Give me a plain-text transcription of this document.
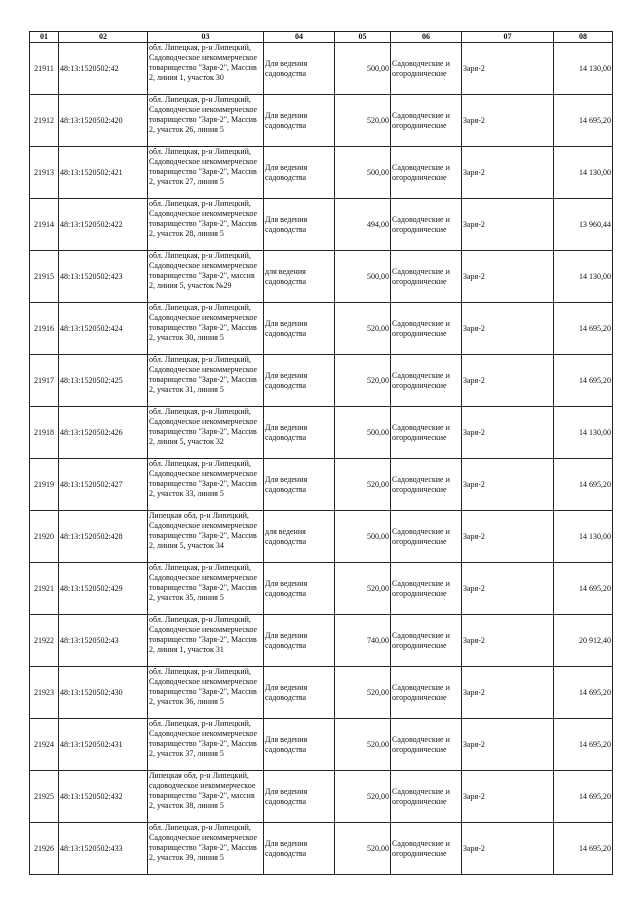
01	02	03	04	05	06	07	08
21911	48:13:1520502:42	обл. Липецкая, р-н Липецкий, Садоводческое некоммерческое товарищество "Заря-2", Массив 2, линия 1, участок 30	Для ведения садоводства	500,00	Садоводческие и огороднические	Заря-2	14 130,00
21912	48:13:1520502:420	обл. Липецкая, р-н Липецкий, Садоводческое некоммерческое товарищество "Заря-2", Массив 2, участок 26, линия 5	Для ведения садоводства	520,00	Садоводческие и огороднические	Заря-2	14 695,20
21913	48:13:1520502:421	обл. Липецкая, р-н Липецкий, Садоводческое некоммерческое товарищество "Заря-2", Массив 2, участок 27, линия 5	Для ведения садоводства	500,00	Садоводческие и огороднические	Заря-2	14 130,00
21914	48:13:1520502:422	обл. Липецкая, р-н Липецкий, Садоводческое некоммерческое товарищество "Заря-2", Массив 2, участок 28, линия 5	Для ведения садоводства	494,00	Садоводческие и огороднические	Заря-2	13 960,44
21915	48:13:1520502:423	обл. Липецкая, р-н Липецкий, Садоводческое некоммерческое товарищество "Заря-2", массив 2, линия 5, участок №29	для ведения садоводства	500,00	Садоводческие и огороднические	Заря-2	14 130,00
21916	48:13:1520502:424	обл. Липецкая, р-н Липецкий, Садоводческое некоммерческое товарищество "Заря-2", Массив 2, участок 30, линия 5	Для ведения садоводства	520,00	Садоводческие и огороднические	Заря-2	14 695,20
21917	48:13:1520502:425	обл. Липецкая, р-н Липецкий, Садоводческое некоммерческое товарищество "Заря-2", Массив 2, участок 31, линия 5	Для ведения садоводства	520,00	Садоводческие и огороднические	Заря-2	14 695,20
21918	48:13:1520502:426	обл. Липецкая, р-н Липецкий, Садоводческое некоммерческое товарищество "Заря-2", Массив 2, линия 5, участок 32	Для ведения садоводства	500,00	Садоводческие и огороднические	Заря-2	14 130,00
21919	48:13:1520502:427	обл. Липецкая, р-н Липецкий, Садоводческое некоммерческое товарищество "Заря-2", Массив 2, участок 33, линия 5	Для ведения садоводства	520,00	Садоводческие и огороднические	Заря-2	14 695,20
21920	48:13:1520502:428	Липецкая обл, р-н Липецкий, Садоводческое некоммерческое товарищество "Заря-2", Массив 2, линия 5, участок 34	для ведения садоводства	500,00	Садоводческие и огороднические	Заря-2	14 130,00
21921	48:13:1520502:429	обл. Липецкая, р-н Липецкий, Садоводческое некоммерческое товарищество "Заря-2", Массив 2, участок 35, линия 5	Для ведения садоводства	520,00	Садоводческие и огороднические	Заря-2	14 695,20
21922	48:13:1520502:43	обл. Липецкая, р-н Липецкий, Садоводческое некоммерческое товарищество "Заря-2", Массив 2, линия 1, участок 31	Для ведения садоводства	740,00	Садоводческие и огороднические	Заря-2	20 912,40
21923	48:13:1520502:430	обл. Липецкая, р-н Липецкий, Садоводческое некоммерческое товарищество "Заря-2", Массив 2, участок 36, линия 5	Для ведения садоводства	520,00	Садоводческие и огороднические	Заря-2	14 695,20
21924	48:13:1520502:431	обл. Липецкая, р-н Липецкий, Садоводческое некоммерческое товарищество "Заря-2", Массив 2, участок 37, линия 5	Для ведения садоводства	520,00	Садоводческие и огороднические	Заря-2	14 695,20
21925	48:13:1520502:432	Липецкая обл, р-н Липецкий, садоводческое некоммерческое товарищество "Заря-2", массив 2, участок 38, линия 5	Для ведения садоводства	520,00	Садоводческие и огороднические	Заря-2	14 695,20
21926	48:13:1520502:433	обл. Липецкая, р-н Липецкий, Садоводческое некоммерческое товарищество "Заря-2", Массив 2, участок 39, линия 5	Для ведения садоводства	520,00	Садоводческие и огороднические	Заря-2	14 695,20
